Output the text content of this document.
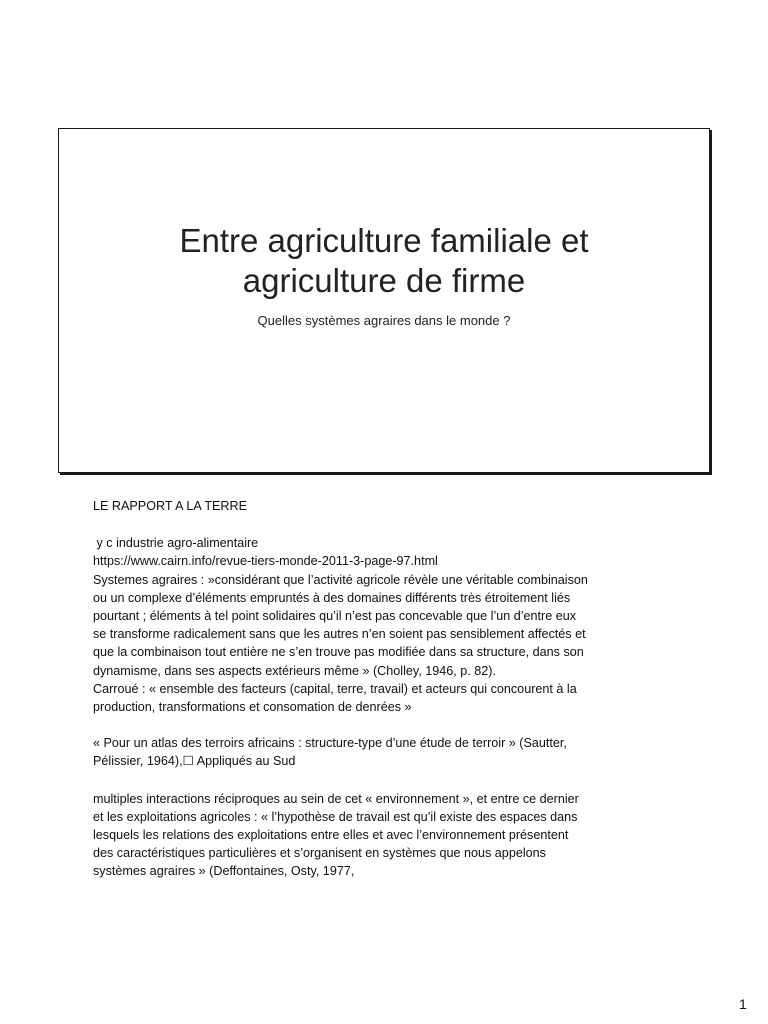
Entre agriculture familiale et
agriculture de firme
Quelles systèmes agraires dans le monde ?

LE RAPPORT A LA TERRE

y c industrie agro-alimentaire

https://www.cairn.info/revue-tiers-monde-2011-3-page-97.html

Systemes agraires : »considérant que l’activité agricole révèle une véritable combinaison

ou un complexe d’éléments empruntés à des domaines différents très étroitement liés

pourtant ; éléments à tel point solidaires qu’il n’est pas concevable que l’un d’entre eux

se transforme radicalement sans que les autres n’en soient pas sensiblement affectés et

que la combinaison tout entière ne s’en trouve pas modifiée dans sa structure, dans son

dynamisme, dans ses aspects extérieurs même » (Cholley, 1946, p. 82).

Carroué : « ensemble des facteurs (capital, terre, travail) et acteurs qui concourent à la

production, transformations et consomation de denrées »

« Pour un atlas des terroirs africains : structure-type d’une étude de terroir » (Sautter,

Pélissier, 1964),☐ Appliqués au Sud

multiples interactions réciproques au sein de cet « environnement », et entre ce dernier

et les exploitations agricoles : « l’hypothèse de travail est qu’il existe des espaces dans

lesquels les relations des exploitations entre elles et avec l’environnement présentent

des caractéristiques particulières et s’organisent en systèmes que nous appelons

systèmes agraires » (Deffontaines, Osty, 1977,

1
